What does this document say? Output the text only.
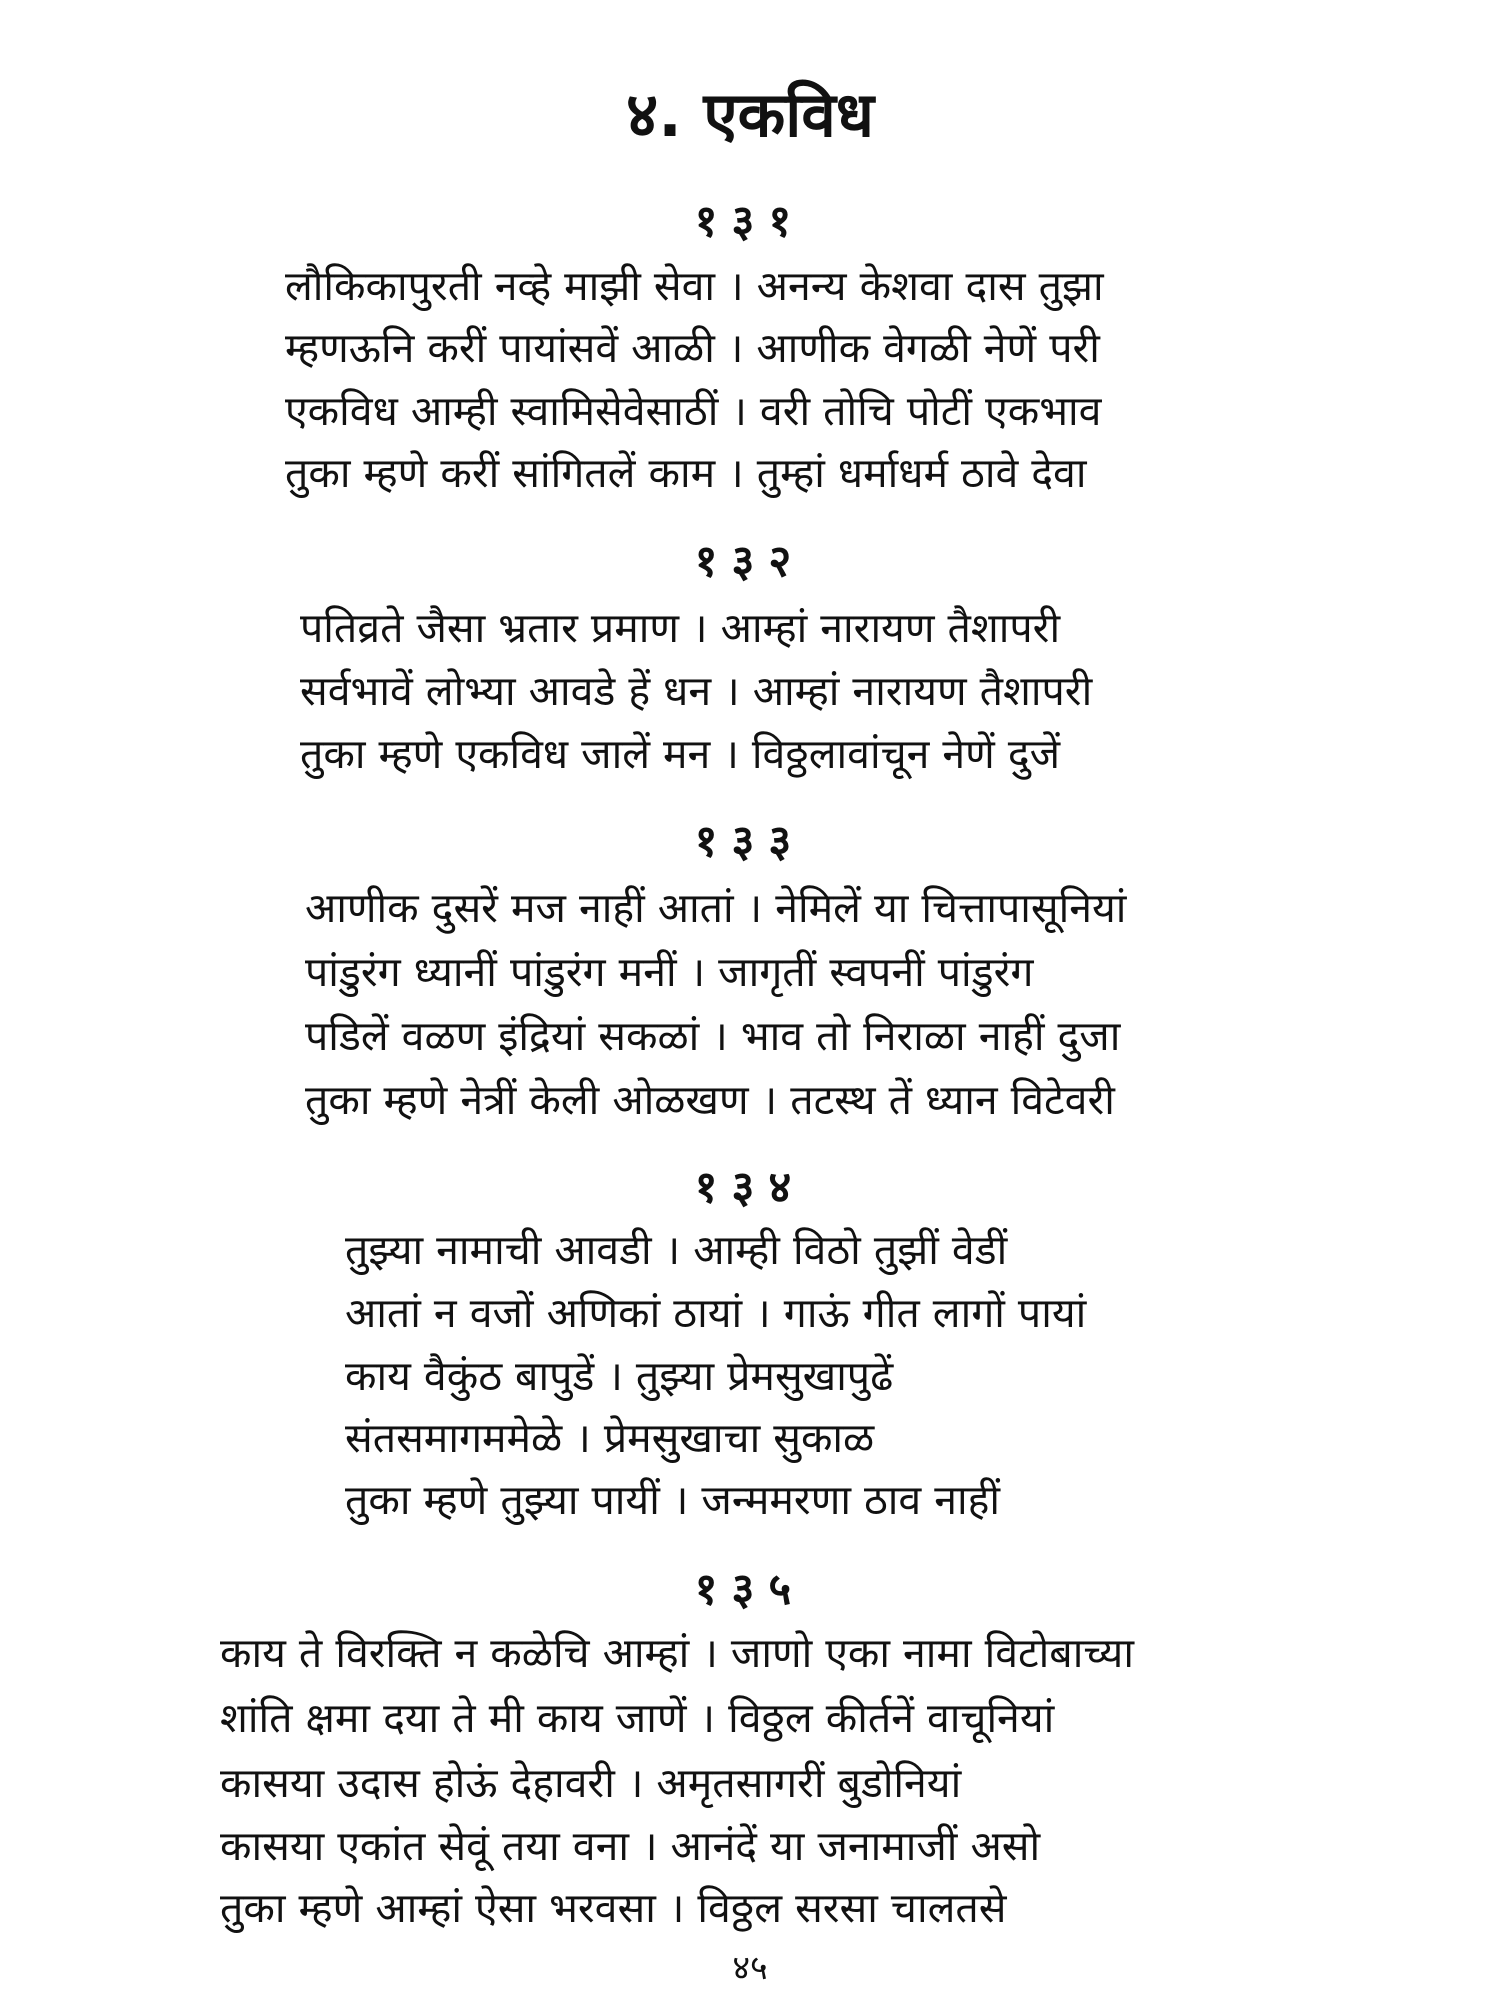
४. एकविध
१३१
लौकिकापुरती नव्हे माझी सेवा । अनन्य केशवा दास तुझा
म्हणऊनि करीं पायांसवें आळी । आणीक वेगळी नेणें परी
एकविध आम्ही स्वामिसेवेसाठीं । वरी तोचि पोटीं एकभाव
तुका म्हणे करीं सांगितलें काम । तुम्हां धर्माधर्म ठावे देवा
१३२
पतिव्रते जैसा भ्रतार प्रमाण । आम्हां नारायण तैशापरी
सर्वभावें लोभ्या आवडे हें धन । आम्हां नारायण तैशापरी
तुका म्हणे एकविध जालें मन । विठ्ठलावांचून नेणें दुजें
१३३
आणीक दुसरें मज नाहीं आतां । नेमिलें या चित्तापासूनियां
पांडुरंग ध्यानीं पांडुरंग मनीं । जागृतीं स्वपनीं पांडुरंग
पडिलें वळण इंद्रियां सकळां । भाव तो निराळा नाहीं दुजा
तुका म्हणे नेत्रीं केली ओळखण । तटस्थ तें ध्यान विटेवरी
१३४
तुझ्या नामाची आवडी । आम्ही विठो तुझीं वेडीं
आतां न वजों अणिकां ठायां । गाऊं गीत लागों पायां
काय वैकुंठ बापुडें । तुझ्या प्रेमसुखापुढें
संतसमागममेळे । प्रेमसुखाचा सुकाळ
तुका म्हणे तुझ्या पायीं । जन्ममरणा ठाव नाहीं
१३५
काय ते विरक्ति न कळेचि आम्हां । जाणो एका नामा विटोबाच्या
शांति क्षमा दया ते मी काय जाणें । विठ्ठल कीर्तनें वाचूनियां
कासया उदास होऊं देहावरी । अमृतसागरीं बुडोनियां
कासया एकांत सेवूं तया वना । आनंदें या जनामाजीं असो
तुका म्हणे आम्हां ऐसा भरवसा । विठ्ठल सरसा चालतसे
४५
